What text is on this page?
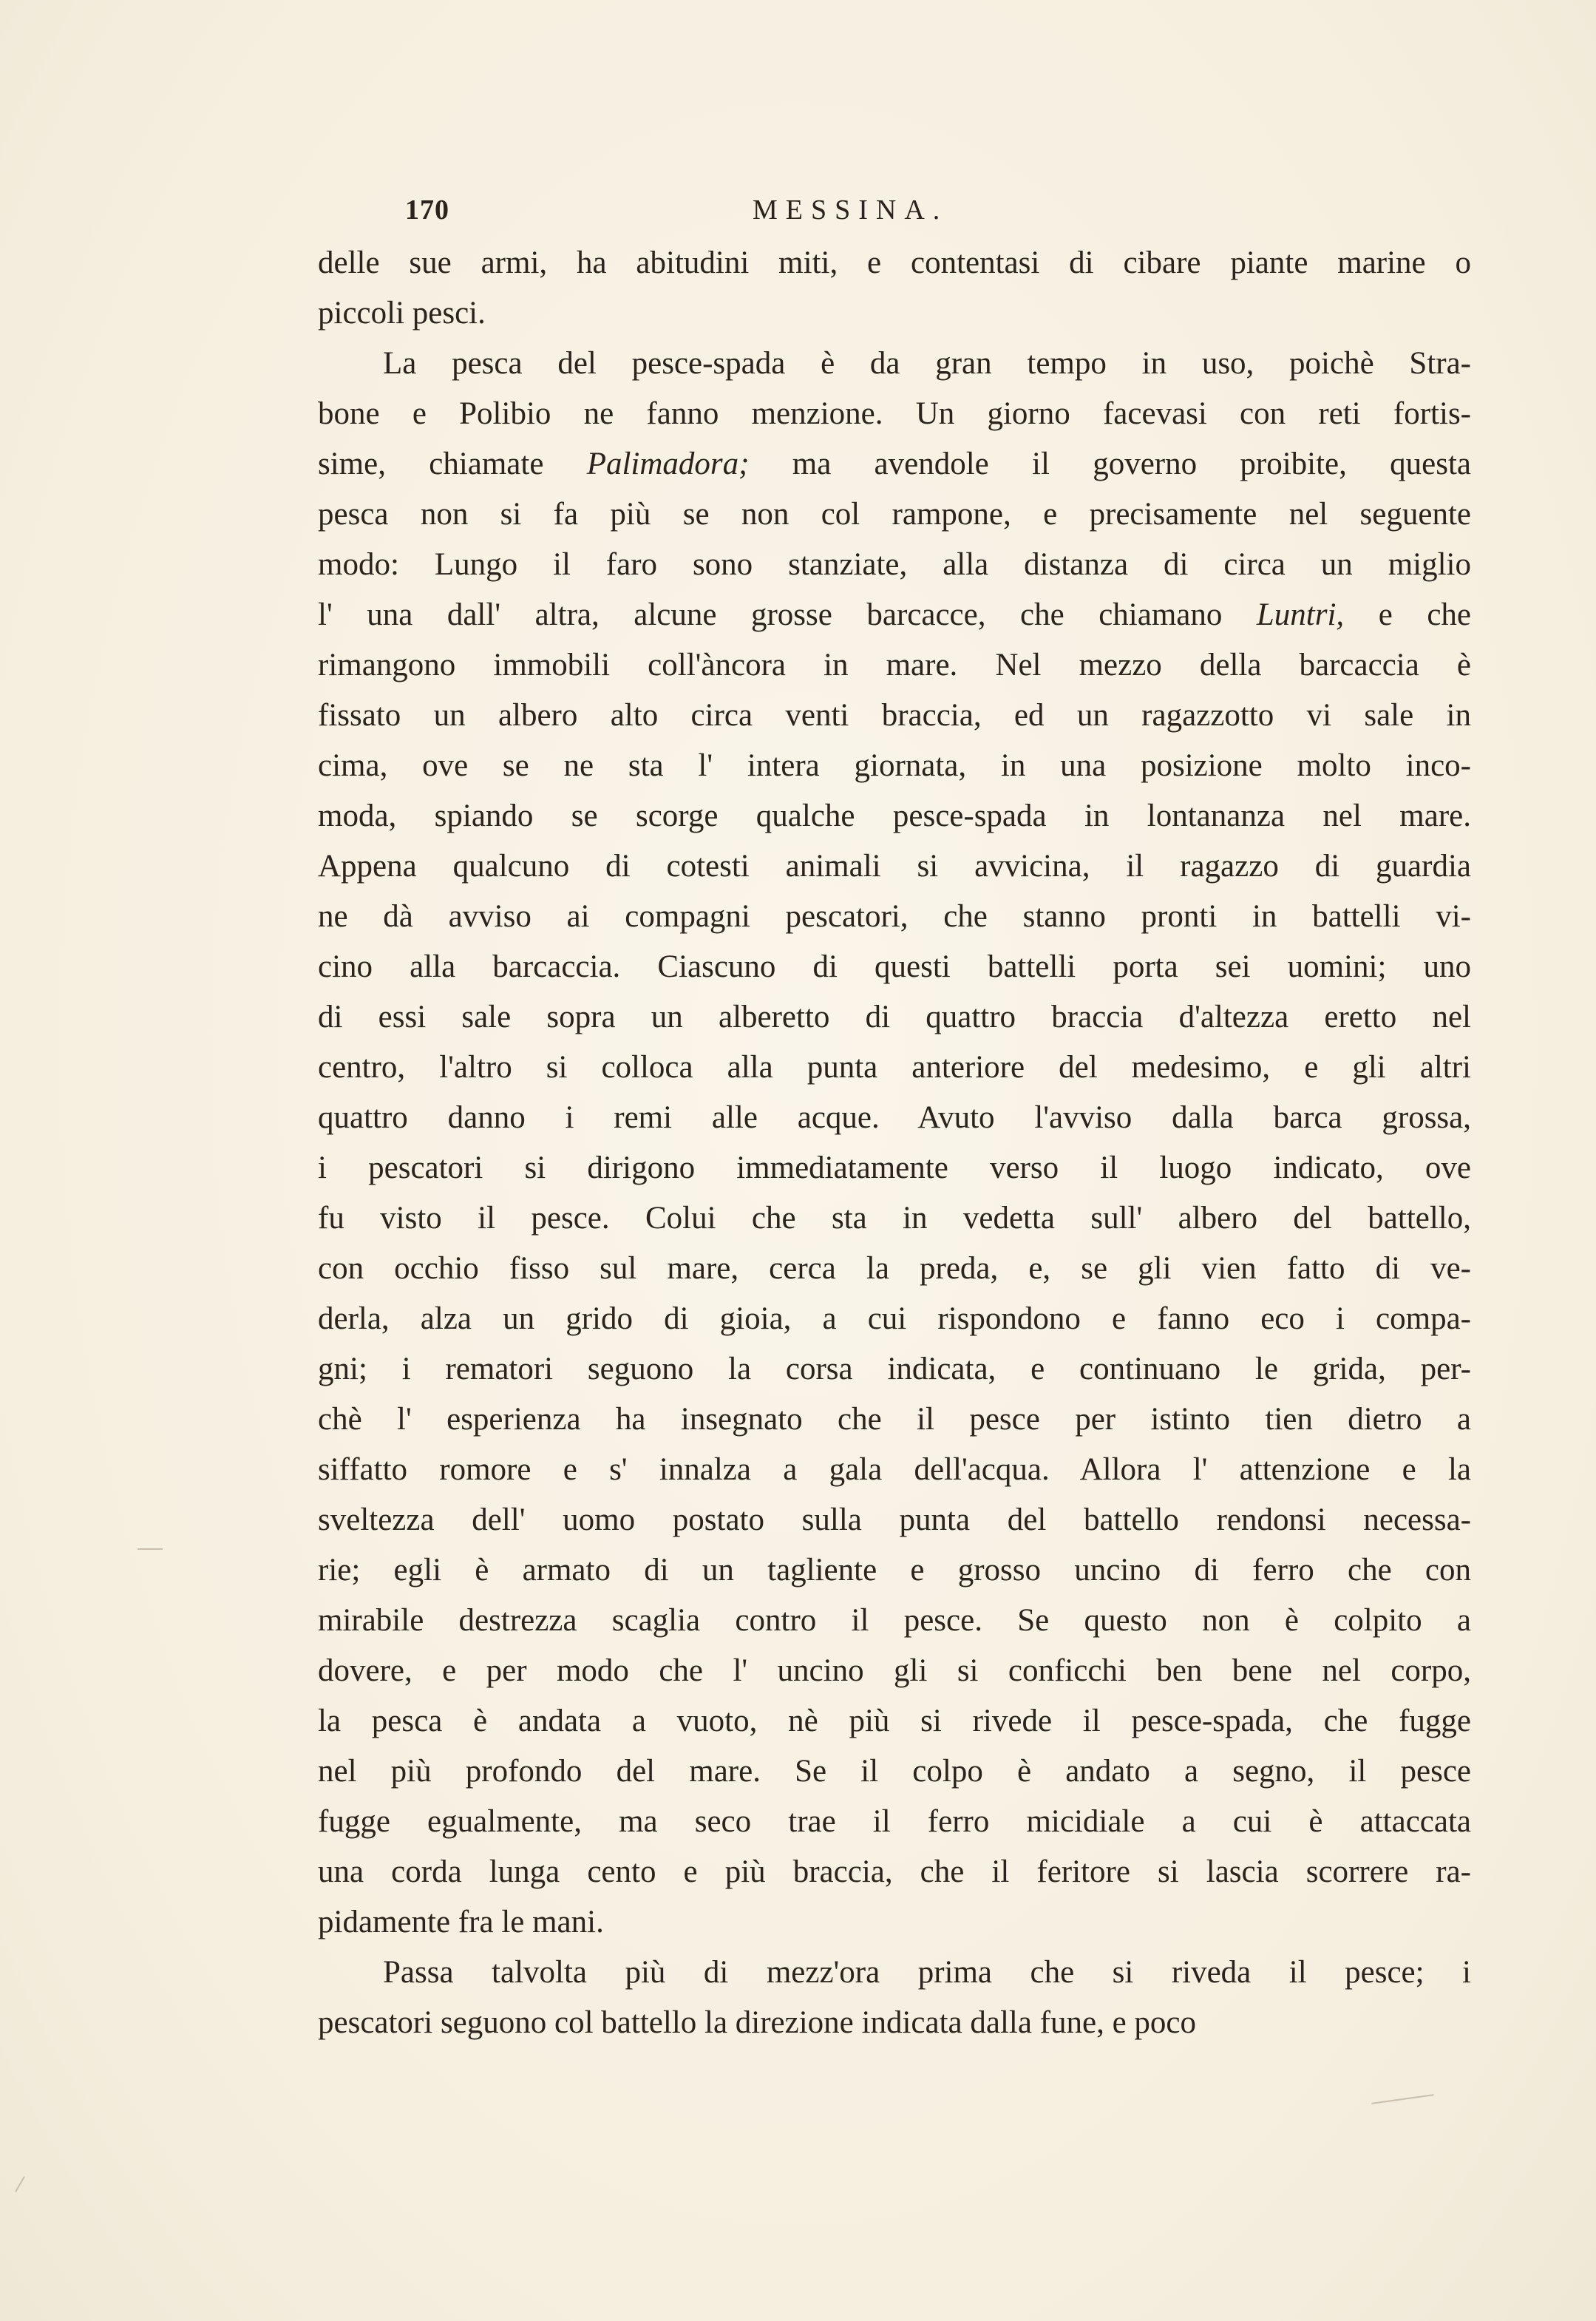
170	MESSINA.
delle sue armi, ha abitudini miti, e contentasi di cibare piante marine o
piccoli pesci.
La pesca del pesce-spada è da gran tempo in uso, poichè Stra-
bone e Polibio ne fanno menzione. Un giorno facevasi con reti fortis-
sime, chiamate Palimadora; ma avendole il governo proibite, questa
pesca non si fa più se non col rampone, e precisamente nel seguente
modo: Lungo il faro sono stanziate, alla distanza di circa un miglio
l' una dall' altra, alcune grosse barcacce, che chiamano Luntri, e che
rimangono immobili coll'àncora in mare. Nel mezzo della barcaccia è
fissato un albero alto circa venti braccia, ed un ragazzotto vi sale in
cima, ove se ne sta l' intera giornata, in una posizione molto inco-
moda, spiando se scorge qualche pesce-spada in lontananza nel mare.
Appena qualcuno di cotesti animali si avvicina, il ragazzo di guardia
ne dà avviso ai compagni pescatori, che stanno pronti in battelli vi-
cino alla barcaccia. Ciascuno di questi battelli porta sei uomini; uno
di essi sale sopra un alberetto di quattro braccia d'altezza eretto nel
centro, l'altro si colloca alla punta anteriore del medesimo, e gli altri
quattro danno i remi alle acque. Avuto l'avviso dalla barca grossa,
i pescatori si dirigono immediatamente verso il luogo indicato, ove
fu visto il pesce. Colui che sta in vedetta sull' albero del battello,
con occhio fisso sul mare, cerca la preda, e, se gli vien fatto di ve-
derla, alza un grido di gioia, a cui rispondono e fanno eco i compa-
gni; i rematori seguono la corsa indicata, e continuano le grida, per-
chè l' esperienza ha insegnato che il pesce per istinto tien dietro a
siffatto romore e s' innalza a gala dell'acqua. Allora l' attenzione e la
sveltezza dell' uomo postato sulla punta del battello rendonsi necessa-
rie; egli è armato di un tagliente e grosso uncino di ferro che con
mirabile destrezza scaglia contro il pesce. Se questo non è colpito a
dovere, e per modo che l' uncino gli si conficchi ben bene nel corpo,
la pesca è andata a vuoto, nè più si rivede il pesce-spada, che fugge
nel più profondo del mare. Se il colpo è andato a segno, il pesce
fugge egualmente, ma seco trae il ferro micidiale a cui è attaccata
una corda lunga cento e più braccia, che il feritore si lascia scorrere ra-
pidamente fra le mani.
Passa talvolta più di mezz'ora prima che si riveda il pesce; i
pescatori seguono col battello la direzione indicata dalla fune, e poco
